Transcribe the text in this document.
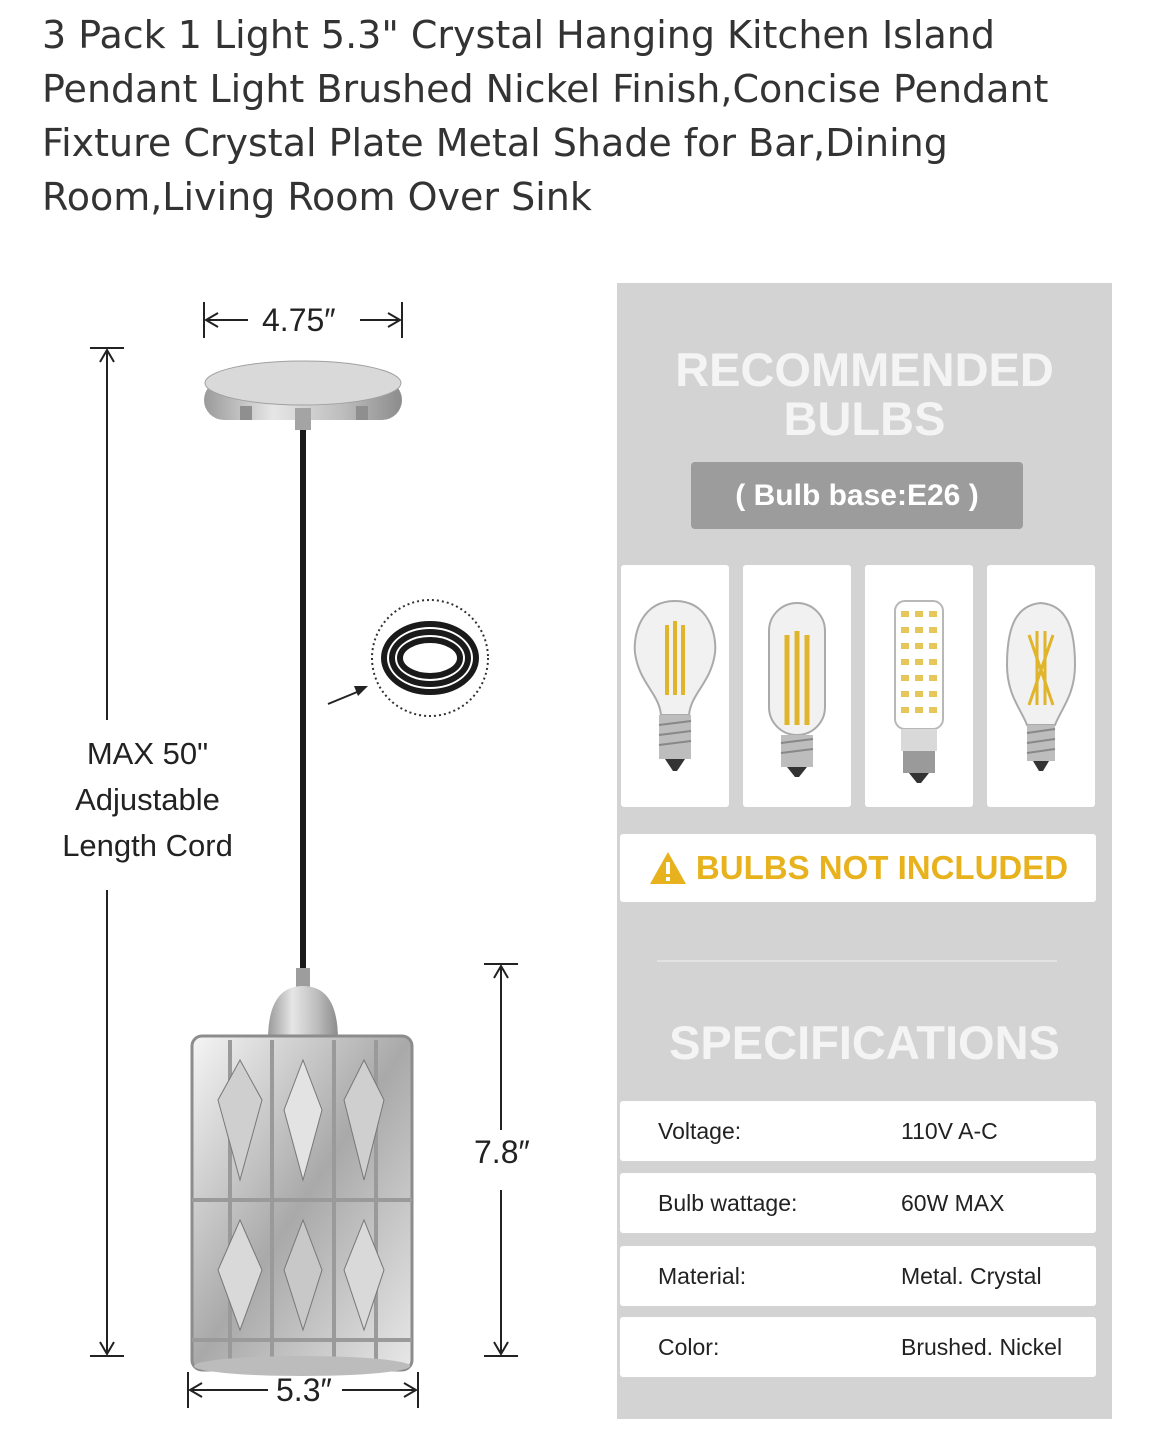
3 Pack 1 Light 5.3" Crystal Hanging Kitchen Island Pendant Light Brushed Nickel Finish,Concise Pendant Fixture Crystal Plate Metal Shade for Bar,Dining Room,Living Room Over Sink
4.75″
MAX 50"
Adjustable
Length Cord
7.8″
5.3″
RECOMMENDED
BULBS
( Bulb base:E26 )
BULBS NOT INCLUDED
SPECIFICATIONS
Voltage:	110V A-C
Bulb wattage:	60W MAX
Material:	Metal. Crystal
Color:	Brushed. Nickel
